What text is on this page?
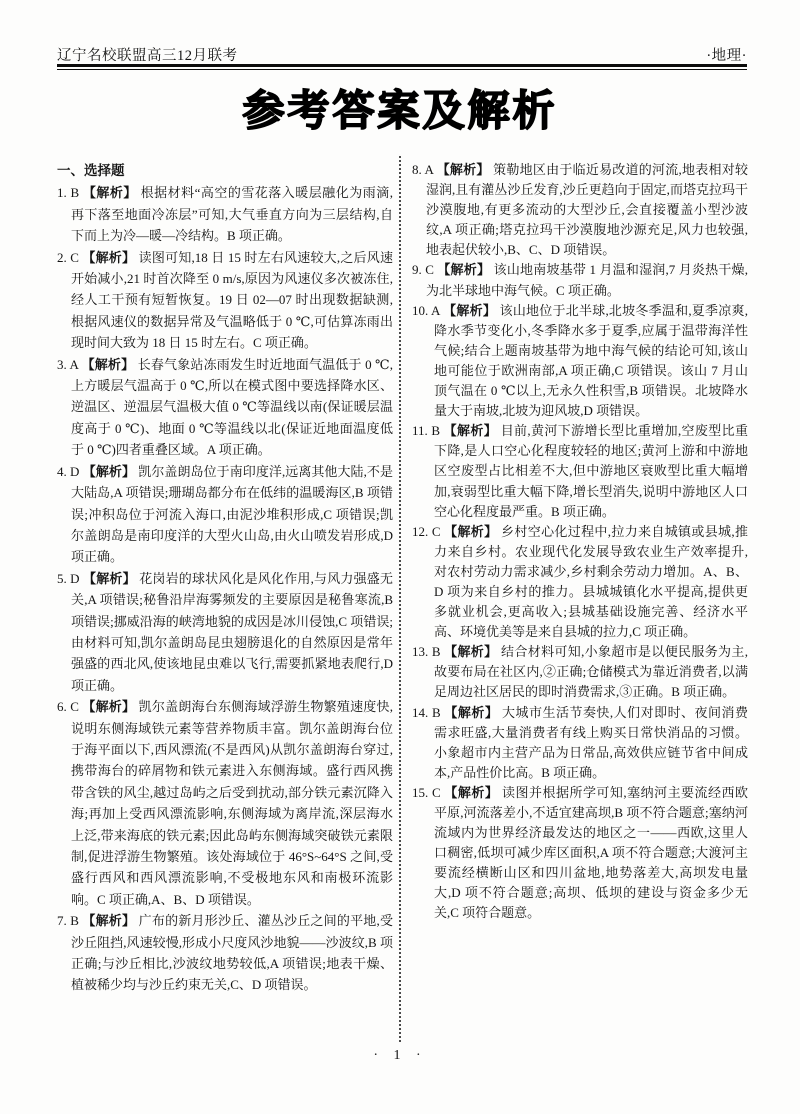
辽宁名校联盟高三12月联考	·地理·
参考答案及解析

一、选择题

1. B 【解析】 根据材料“高空的雪花落入暖层融化为雨滴,再下落至地面冷冻层”可知,大气垂直方向为三层结构,自下而上为冷—暖—冷结构。B 项正确。

2. C 【解析】 读图可知,18 日 15 时左右风速较大,之后风速开始减小,21 时首次降至 0 m/s,原因为风速仪多次被冻住,经人工干预有短暂恢复。19 日 02—07 时出现数据缺测,根据风速仪的数据异常及气温略低于 0 ℃,可估算冻雨出现时间大致为 18 日 15 时左右。C 项正确。

3. A 【解析】 长春气象站冻雨发生时近地面气温低于 0 ℃,上方暖层气温高于 0 ℃,所以在模式图中要选择降水区、逆温区、逆温层气温极大值 0 ℃等温线以南(保证暖层温度高于 0 ℃)、地面 0 ℃等温线以北(保证近地面温度低于 0 ℃)四者重叠区域。A 项正确。

4. D 【解析】 凯尔盖朗岛位于南印度洋,远离其他大陆,不是大陆岛,A 项错误;珊瑚岛都分布在低纬的温暖海区,B 项错误;冲积岛位于河流入海口,由泥沙堆积形成,C 项错误;凯尔盖朗岛是南印度洋的大型火山岛,由火山喷发岩形成,D 项正确。

5. D 【解析】 花岗岩的球状风化是风化作用,与风力强盛无关,A 项错误;秘鲁沿岸海雾频发的主要原因是秘鲁寒流,B 项错误;挪威沿海的峡湾地貌的成因是冰川侵蚀,C 项错误;由材料可知,凯尔盖朗岛昆虫翅膀退化的自然原因是常年强盛的西北风,使该地昆虫难以飞行,需要抓紧地表爬行,D 项正确。

6. C 【解析】 凯尔盖朗海台东侧海域浮游生物繁殖速度快,说明东侧海域铁元素等营养物质丰富。凯尔盖朗海台位于海平面以下,西风漂流(不是西风)从凯尔盖朗海台穿过,携带海台的碎屑物和铁元素进入东侧海域。盛行西风携带含铁的风尘,越过岛屿之后受到扰动,部分铁元素沉降入海;再加上受西风漂流影响,东侧海域为离岸流,深层海水上泛,带来海底的铁元素;因此岛屿东侧海域突破铁元素限制,促进浮游生物繁殖。该处海域位于 46°S~64°S 之间,受盛行西风和西风漂流影响,不受极地东风和南极环流影响。C 项正确,A、B、D 项错误。

7. B 【解析】 广布的新月形沙丘、灌丛沙丘之间的平地,受沙丘阻挡,风速较慢,形成小尺度风沙地貌——沙波纹,B 项正确;与沙丘相比,沙波纹地势较低,A 项错误;地表干燥、植被稀少均与沙丘约束无关,C、D 项错误。

8. A 【解析】 策勒地区由于临近易改道的河流,地表相对较湿润,且有灌丛沙丘发育,沙丘更趋向于固定,而塔克拉玛干沙漠腹地,有更多流动的大型沙丘,会直接覆盖小型沙波纹,A 项正确;塔克拉玛干沙漠腹地沙源充足,风力也较强,地表起伏较小,B、C、D 项错误。

9. C 【解析】 该山地南坡基带 1 月温和湿润,7 月炎热干燥,为北半球地中海气候。C 项正确。

10. A 【解析】 该山地位于北半球,北坡冬季温和,夏季凉爽,降水季节变化小,冬季降水多于夏季,应属于温带海洋性气候;结合上题南坡基带为地中海气候的结论可知,该山地可能位于欧洲南部,A 项正确,C 项错误。该山 7 月山顶气温在 0 ℃以上,无永久性积雪,B 项错误。北坡降水量大于南坡,北坡为迎风坡,D 项错误。

11. B 【解析】 目前,黄河下游增长型比重增加,空废型比重下降,是人口空心化程度较轻的地区;黄河上游和中游地区空废型占比相差不大,但中游地区衰败型比重大幅增加,衰弱型比重大幅下降,增长型消失,说明中游地区人口空心化程度最严重。B 项正确。

12. C 【解析】 乡村空心化过程中,拉力来自城镇或县城,推力来自乡村。农业现代化发展导致农业生产效率提升,对农村劳动力需求减少,乡村剩余劳动力增加。A、B、D 项为来自乡村的推力。县城城镇化水平提高,提供更多就业机会,更高收入;县城基础设施完善、经济水平高、环境优美等是来自县城的拉力,C 项正确。

13. B 【解析】 结合材料可知,小象超市是以便民服务为主,故要布局在社区内,②正确;仓储模式为靠近消费者,以满足周边社区居民的即时消费需求,③正确。B 项正确。

14. B 【解析】 大城市生活节奏快,人们对即时、夜间消费需求旺盛,大量消费者有线上购买日常快消品的习惯。小象超市内主营产品为日常品,高效供应链节省中间成本,产品性价比高。B 项正确。

15. C 【解析】 读图并根据所学可知,塞纳河主要流经西欧平原,河流落差小,不适宜建高坝,B 项不符合题意;塞纳河流域内为世界经济最发达的地区之一——西欧,这里人口稠密,低坝可减少库区面积,A 项不符合题意;大渡河主要流经横断山区和四川盆地,地势落差大,高坝发电量大,D 项不符合题意;高坝、低坝的建设与资金多少无关,C 项符合题意。

· 1 ·
